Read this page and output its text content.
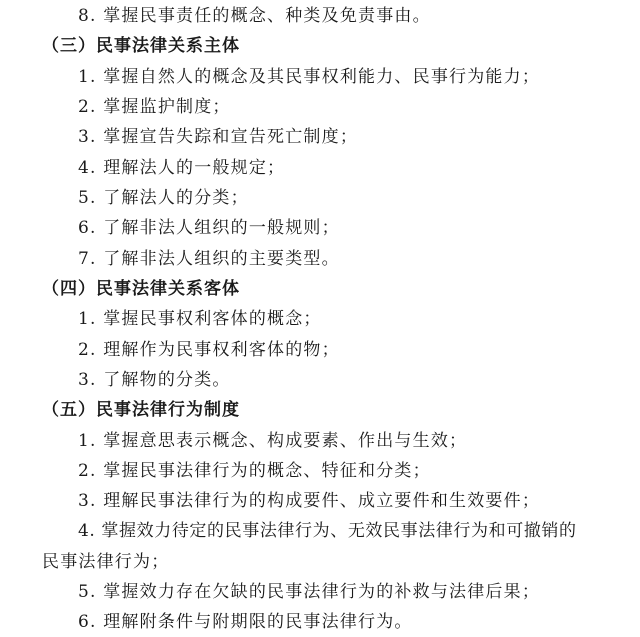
8. 掌握民事责任的概念、种类及免责事由。
（三）民事法律关系主体
1. 掌握自然人的概念及其民事权利能力、民事行为能力；
2. 掌握监护制度；
3. 掌握宣告失踪和宣告死亡制度；
4. 理解法人的一般规定；
5. 了解法人的分类；
6. 了解非法人组织的一般规则；
7. 了解非法人组织的主要类型。
（四）民事法律关系客体
1. 掌握民事权利客体的概念；
2. 理解作为民事权利客体的物；
3. 了解物的分类。
（五）民事法律行为制度
1. 掌握意思表示概念、构成要素、作出与生效；
2. 掌握民事法律行为的概念、特征和分类；
3. 理解民事法律行为的构成要件、成立要件和生效要件；
4. 掌握效力待定的民事法律行为、无效民事法律行为和可撤销的
民事法律行为；
5. 掌握效力存在欠缺的民事法律行为的补救与法律后果；
6. 理解附条件与附期限的民事法律行为。
